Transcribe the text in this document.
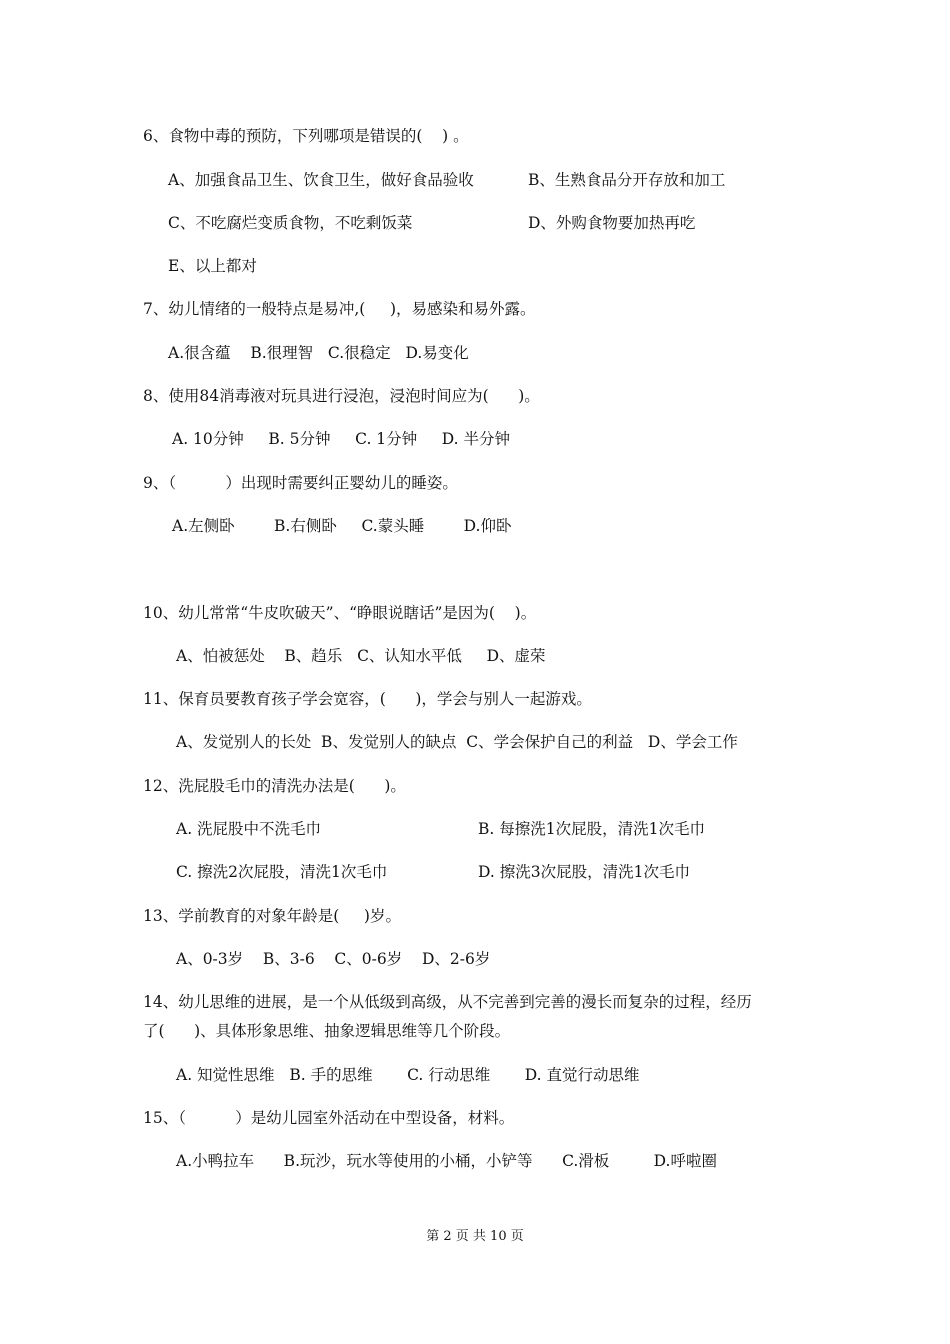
6、食物中毒的预防，下列哪项是错误的(    ) 。
A、加强食品卫生、饮食卫生，做好食品验收	B、生熟食品分开存放和加工
C、不吃腐烂变质食物，不吃剩饭菜	D、外购食物要加热再吃
E、以上都对
7、幼儿情绪的一般特点是易冲,(     )，易感染和易外露。
A.很含蕴    B.很理智   C.很稳定   D.易变化
8、使用84消毒液对玩具进行浸泡，浸泡时间应为(      )。
A. 10分钟     B. 5分钟     C. 1分钟     D. 半分钟
9、（          ）出现时需要纠正婴幼儿的睡姿。
A.左侧卧        B.右侧卧     C.蒙头睡        D.仰卧
10、幼儿常常“牛皮吹破天”、“睁眼说瞎话”是因为(    )。
A、怕被惩处    B、趋乐   C、认知水平低     D、虚荣
11、保育员要教育孩子学会宽容，(      )，学会与别人一起游戏。
A、发觉别人的长处  B、发觉别人的缺点  C、学会保护自己的利益   D、学会工作
12、洗屁股毛巾的清洗办法是(      )。
A. 洗屁股中不洗毛巾	B. 每擦洗1次屁股，清洗1次毛巾
C. 擦洗2次屁股，清洗1次毛巾	D. 擦洗3次屁股，清洗1次毛巾
13、学前教育的对象年龄是(     )岁。
A、0-3岁    B、3-6    C、0-6岁    D、2-6岁
14、幼儿思维的进展，是一个从低级到高级，从不完善到完善的漫长而复杂的过程，经历
了(      )、具体形象思维、抽象逻辑思维等几个阶段。
A. 知觉性思维   B. 手的思维       C. 行动思维       D. 直觉行动思维
15、（          ）是幼儿园室外活动在中型设备，材料。
A.小鸭拉车      B.玩沙，玩水等使用的小桶，小铲等      C.滑板         D.呼啦圈
第 2 页 共 10 页
